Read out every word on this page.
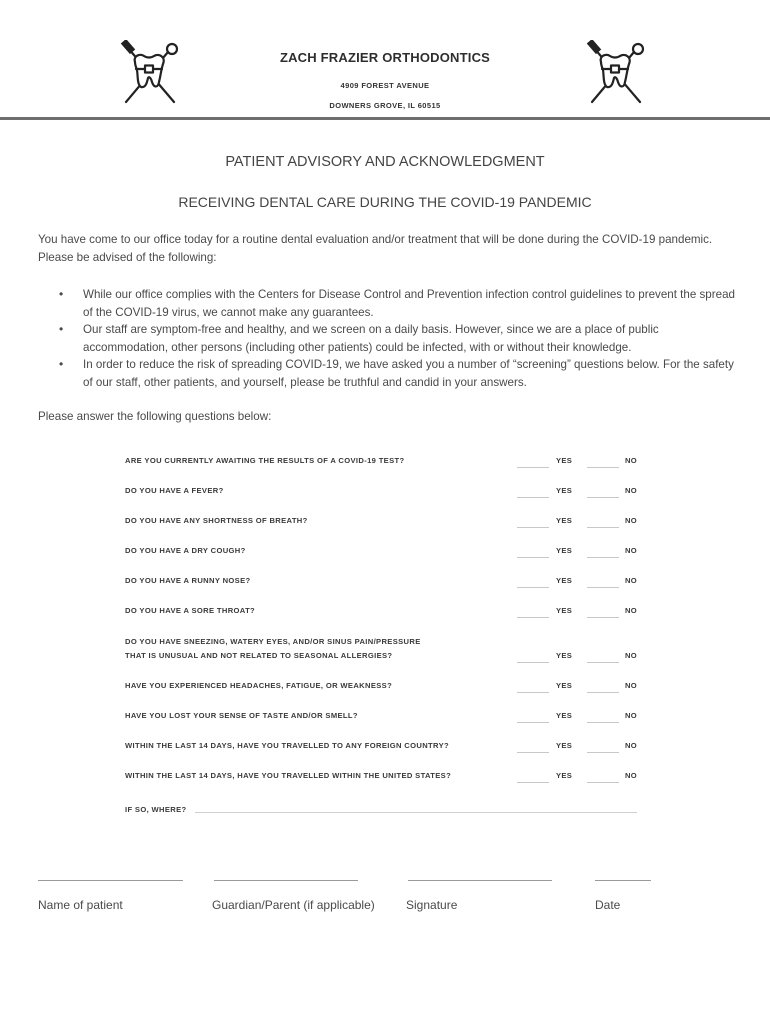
ZACH FRAZIER ORTHODONTICS
4909 FOREST AVENUE
DOWNERS GROVE, IL 60515
PATIENT ADVISORY AND ACKNOWLEDGMENT
RECEIVING DENTAL CARE DURING THE COVID-19 PANDEMIC
You have come to our office today for a routine dental evaluation and/or treatment that will be done during the COVID-19 pandemic. Please be advised of the following:
• While our office complies with the Centers for Disease Control and Prevention infection control guidelines to prevent the spread of the COVID-19 virus, we cannot make any guarantees.
• Our staff are symptom-free and healthy, and we screen on a daily basis. However, since we are a place of public accommodation, other persons (including other patients) could be infected, with or without their knowledge.
• In order to reduce the risk of spreading COVID-19, we have asked you a number of “screening” questions below. For the safety of our staff, other patients, and yourself, please be truthful and candid in your answers.
Please answer the following questions below:
ARE YOU CURRENTLY AWAITING THE RESULTS OF A COVID-19 TEST?	YES	NO
DO YOU HAVE A FEVER?	YES	NO
DO YOU HAVE ANY SHORTNESS OF BREATH?	YES	NO
DO YOU HAVE A DRY COUGH?	YES	NO
DO YOU HAVE A RUNNY NOSE?	YES	NO
DO YOU HAVE A SORE THROAT?	YES	NO
DO YOU HAVE SNEEZING, WATERY EYES, AND/OR SINUS PAIN/PRESSURE
THAT IS UNUSUAL AND NOT RELATED TO SEASONAL ALLERGIES?	YES	NO
HAVE YOU EXPERIENCED HEADACHES, FATIGUE, OR WEAKNESS?	YES	NO
HAVE YOU LOST YOUR SENSE OF TASTE AND/OR SMELL?	YES	NO
WITHIN THE LAST 14 DAYS, HAVE YOU TRAVELLED TO ANY FOREIGN COUNTRY?	YES	NO
WITHIN THE LAST 14 DAYS, HAVE YOU TRAVELLED WITHIN THE UNITED STATES?	YES	NO
IF SO, WHERE?
Name of patient	Guardian/Parent (if applicable)	Signature	Date
